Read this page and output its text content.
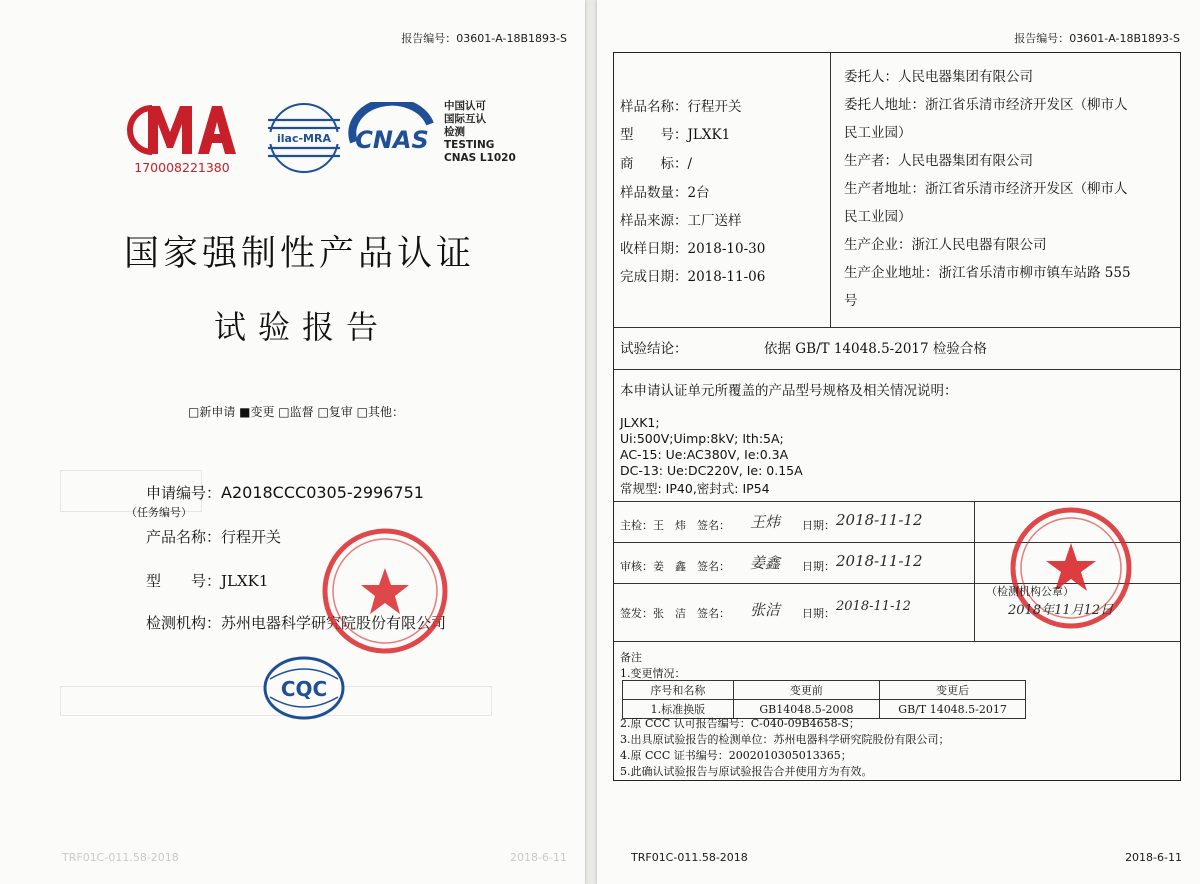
报告编号：03601-A-18B1893-S
170008221380
ilac-MRA CNAS
中国认可
国际互认
检测
TESTING
CNAS L1020
国家强制性产品认证
试验报告
□新申请 ■变更 □监督 □复审 □其他：
申请编号：A2018CCC0305-2996751
（任务编号）
产品名称：行程开关
型　　号：JLXK1
检测机构：苏州电器科学研究院股份有限公司
CQC
TRF01C-011.58-2018	2018-6-11
报告编号：03601-A-18B1893-S
样品名称：行程开关
型　　号：JLXK1
商　　标：/
样品数量：2台
样品来源：工厂送样
收样日期：2018-10-30
完成日期：2018-11-06
委托人：人民电器集团有限公司
委托人地址：浙江省乐清市经济开发区（柳市人
民工业园）
生产者：人民电器集团有限公司
生产者地址：浙江省乐清市经济开发区（柳市人
民工业园）
生产企业：浙江人民电器有限公司
生产企业地址：浙江省乐清市柳市镇车站路 555
号
试验结论：	依据 GB/T 14048.5-2017 检验合格
本申请认证单元所覆盖的产品型号规格及相关情况说明：
JLXK1;
Ui:500V;Uimp:8kV; Ith:5A;
AC-15: Ue:AC380V, Ie:0.3A
DC-13: Ue:DC220V, Ie: 0.15A
常规型: IP40,密封式: IP54
主检：王　炜　签名： 王炜 日期： 2018-11-12
审核：姜　鑫　签名： 姜鑫 日期： 2018-11-12
签发：张　洁　签名： 张洁 日期： 2018-11-12
（检测机构公章）
2018年11月12日
备注
1.变更情况：
序号和名称	变更前	变更后
1.标准换版	GB14048.5-2008	GB/T 14048.5-2017
2.原 CCC 认可报告编号：C-040-09B4658-S；
3.出具原试验报告的检测单位：苏州电器科学研究院股份有限公司；
4.原 CCC 证书编号：2002010305013365；
5.此确认试验报告与原试验报告合并使用方为有效。
TRF01C-011.58-2018	2018-6-11
